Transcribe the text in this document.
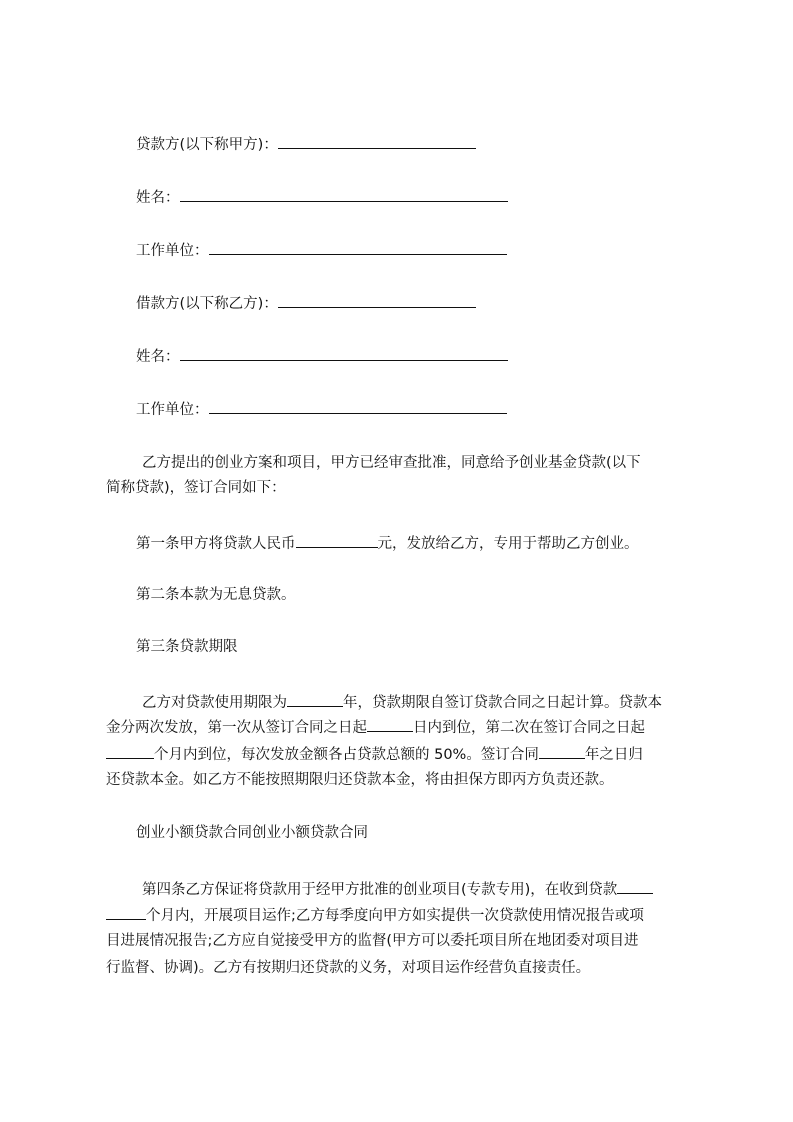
贷款方(以下称甲方)：
姓名：
工作单位：
借款方(以下称乙方)：
姓名：
工作单位：
乙方提出的创业方案和项目，甲方已经审查批准，同意给予创业基金贷款(以下
简称贷款)，签订合同如下：
第一条甲方将贷款人民币	元，发放给乙方，专用于帮助乙方创业。
第二条本款为无息贷款。
第三条贷款期限
乙方对贷款使用期限为	年，贷款期限自签订贷款合同之日起计算。贷款本
金分两次发放，第一次从签订合同之日起	日内到位，第二次在签订合同之日起
个月内到位，每次发放金额各占贷款总额的 50%。签订合同	年之日归
还贷款本金。如乙方不能按照期限归还贷款本金，将由担保方即丙方负责还款。
创业小额贷款合同创业小额贷款合同
第四条乙方保证将贷款用于经甲方批准的创业项目(专款专用)，在收到贷款
个月内，开展项目运作;乙方每季度向甲方如实提供一次贷款使用情况报告或项
目进展情况报告;乙方应自觉接受甲方的监督(甲方可以委托项目所在地团委对项目进
行监督、协调)。乙方有按期归还贷款的义务，对项目运作经营负直接责任。
